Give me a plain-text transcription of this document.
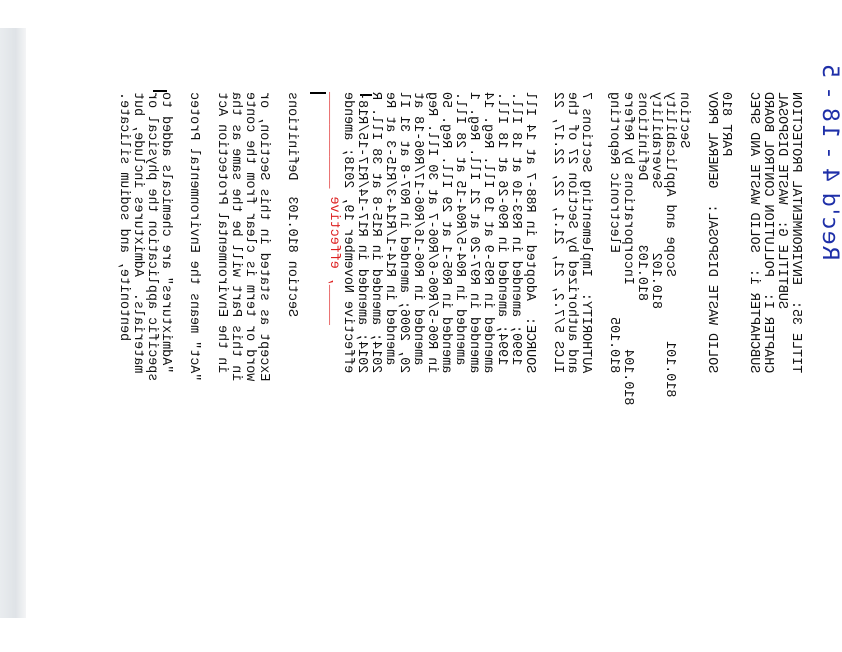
Rec'd 4 - 18 - 5
TITLE 35:  ENVIRONMENTAL PROTECTION
SUBTITLE G:  WASTE DISPOSAL
CHAPTER I:  POLLUTION CONTROL BOARD
SUBCHAPTER i:  SOLID WASTE AND SPEC
PART 810
SOLID WASTE DISPOSAL:  GENERAL PROV
Section
810.101        Scope and Applicability
810.102        Severability
810.103        Definitions
810.104        Incorporations by Refere
810.105        Electronic Reporting
AUTHORITY:  Implementing Sections 7
and authorized by Section 27 of the
ILCS 5/7.2, 21, 21.1, 22, 22.17, 22
SOURCE:  Adopted in R88-7 at 14 Ill
1990; amended in R93-10 at 18 Ill.
1994; amended in R90-26 at 18 Ill.
amended in R95-9 at 19 Ill. Reg. 14
amended in R97-20 at 21 Ill. Reg. 1
amended in R04-5/R04-15 at 28 Ill.
amended in R05-1 at 29 Ill. Reg. 50
in R06-5/R06-6/R06-7 at 30 Ill. Reg
amended in R06-16/R06-17/R06-18 at
20, 2006; amended in R07-8 at 31 Il
amended in R14-1/R14-3/R15-3 at Re
2014; amended in R15-8 at 38 Ill. R
2014; amended in R17-14/R17-15/R18-
effective November 19, 2018; amende
_____, effective ____________
Section 810.103  Definitions
Except as stated in this Section, or
word or term is clear from the conte
in this Part will be the same as tha
in the Environmental Protection Act
"Act" means the Environmental Protec
"Admixtures" are chemicals added to
specific application the physical or
materials.  Admixtures include, but
bentonite, and sodium silicate.
